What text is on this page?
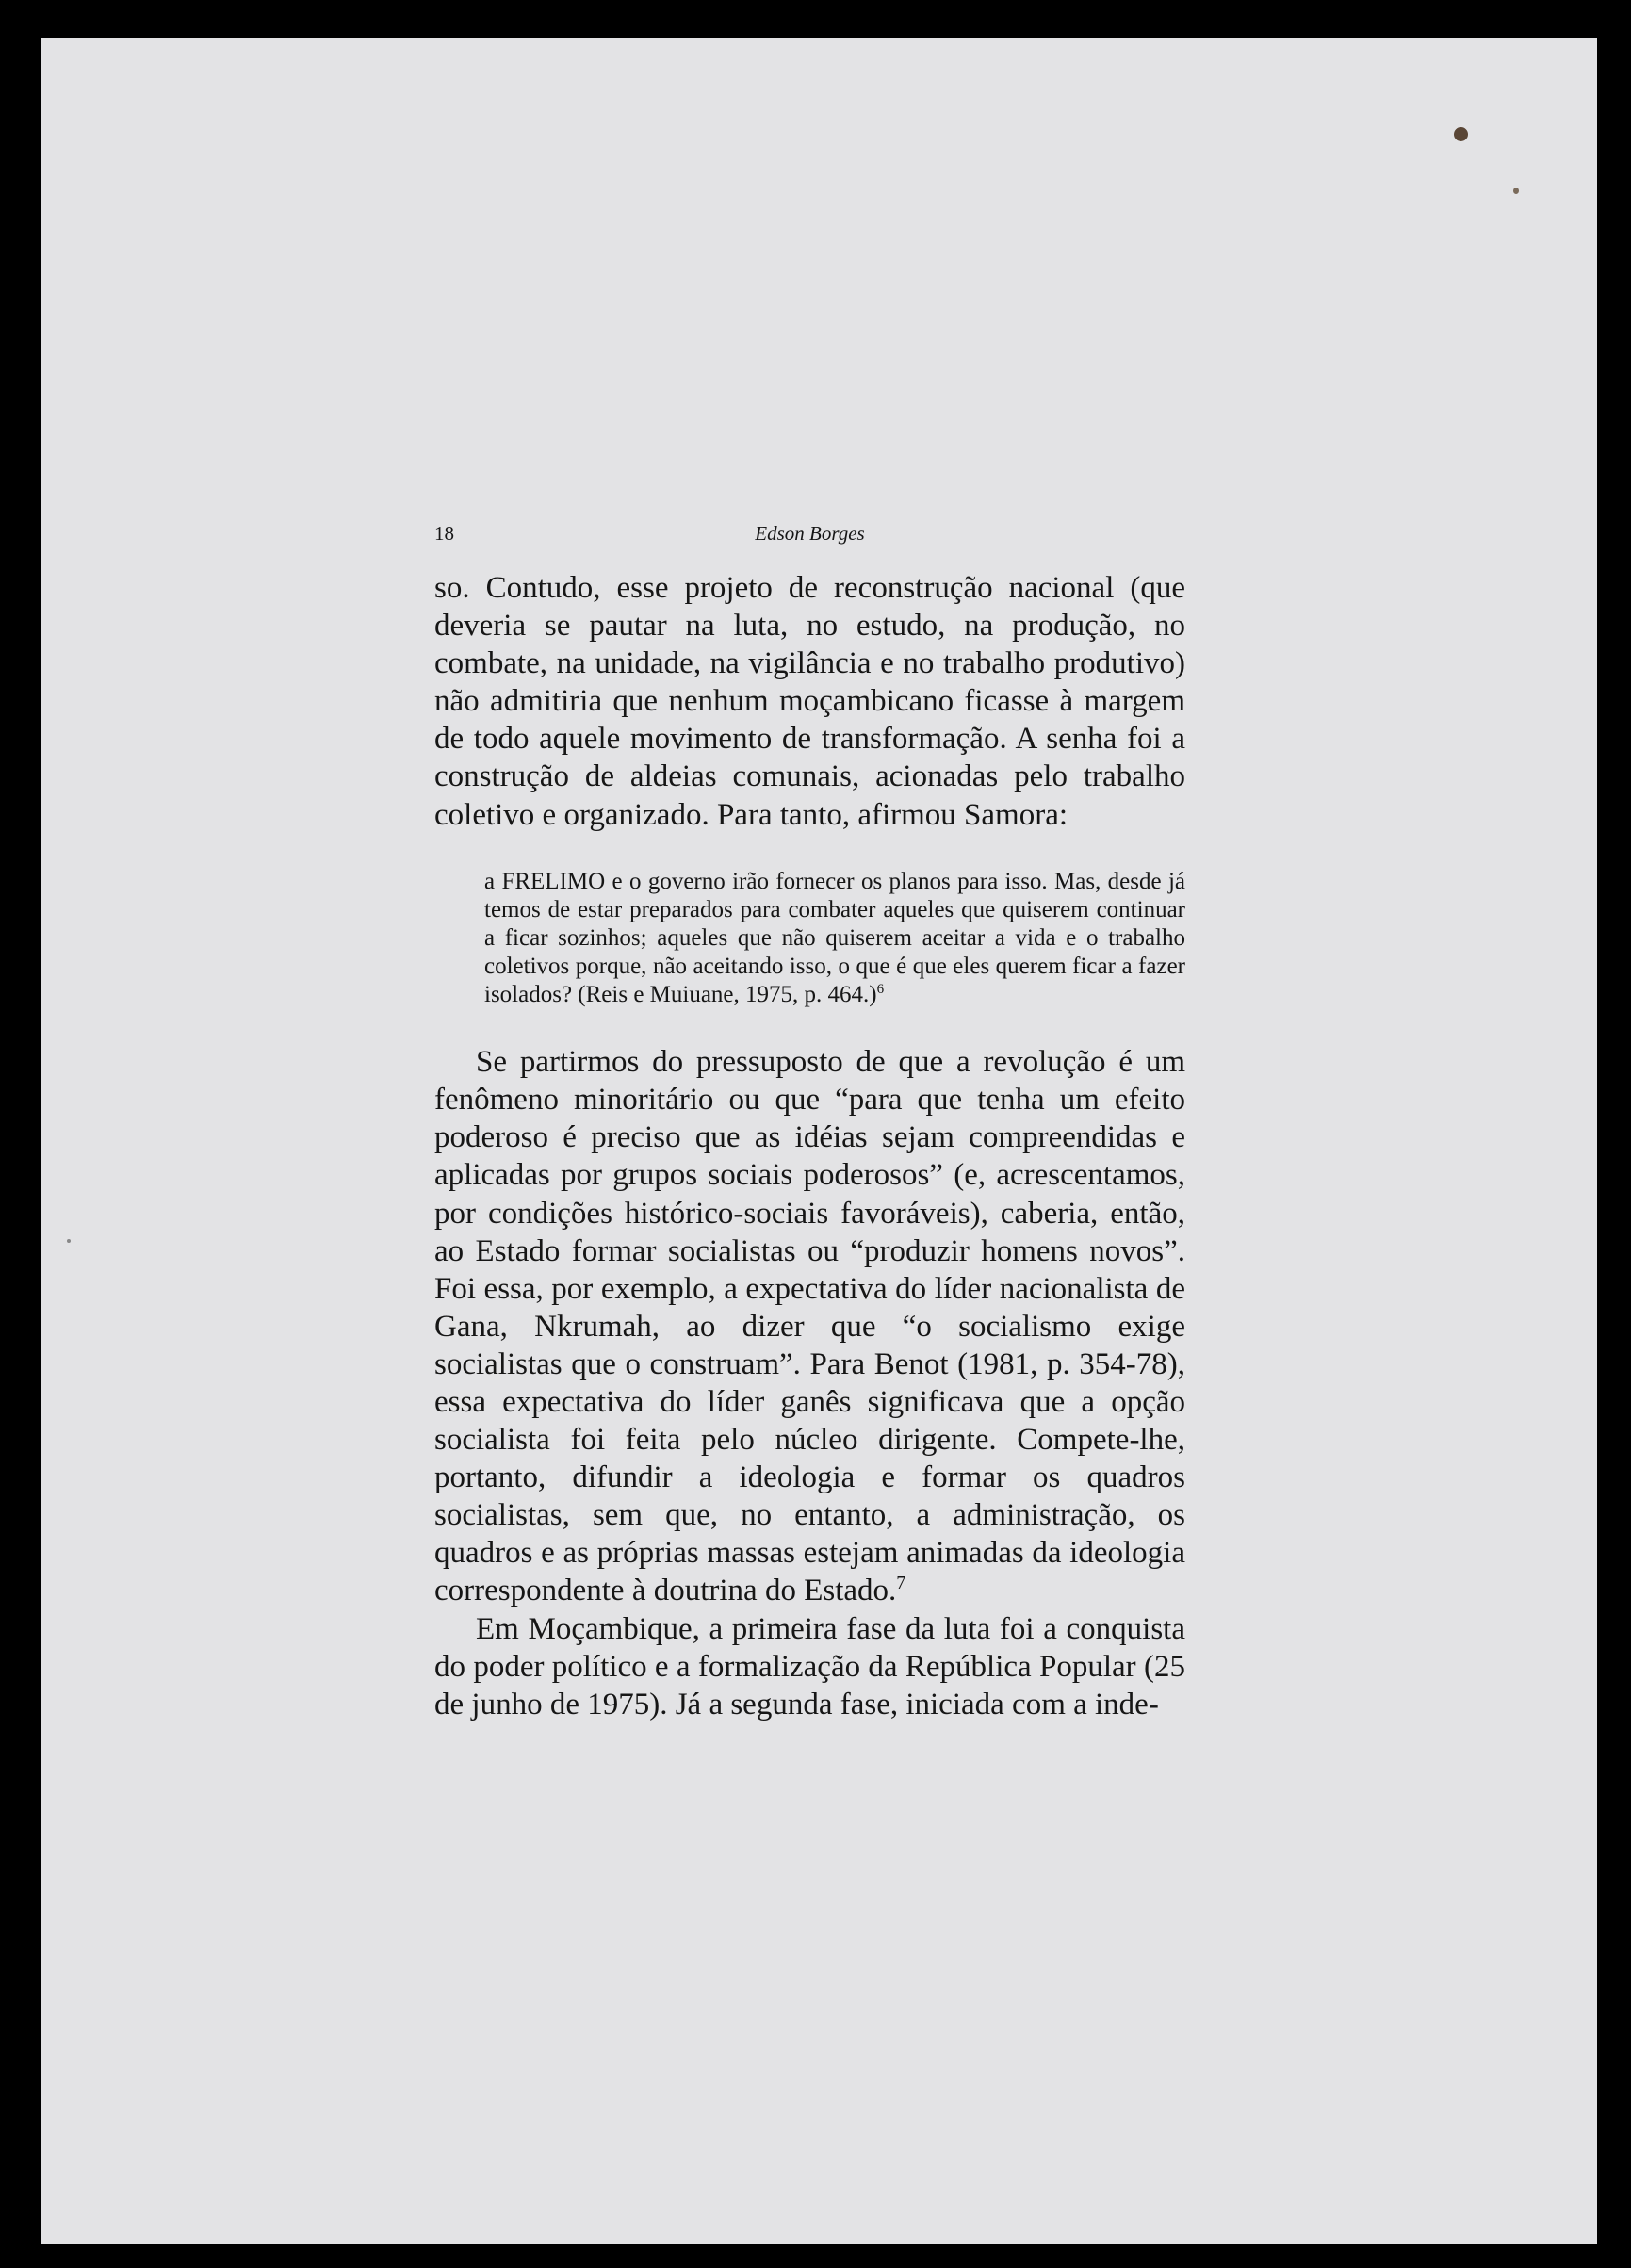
18	Edson Borges

so. Contudo, esse projeto de reconstrução nacional (que deveria se pautar na luta, no estudo, na produção, no combate, na unidade, na vigilância e no trabalho produtivo) não admitiria que nenhum moçambicano ficasse à margem de todo aquele movimento de transformação. A senha foi a construção de aldeias comunais, acionadas pelo trabalho coletivo e organizado. Para tanto, afirmou Samora:

a FRELIMO e o governo irão fornecer os planos para isso. Mas, desde já temos de estar preparados para combater aqueles que quiserem continuar a ficar sozinhos; aqueles que não quiserem aceitar a vida e o trabalho coletivos porque, não aceitando isso, o que é que eles querem ficar a fazer isolados? (Reis e Muiuane, 1975, p. 464.)$^6$

Se partirmos do pressuposto de que a revolução é um fenômeno minoritário ou que “para que tenha um efeito poderoso é preciso que as idéias sejam compreendidas e aplicadas por grupos sociais poderosos” (e, acrescentamos, por condições histórico-sociais favoráveis), caberia, então, ao Estado formar socialistas ou “produzir homens novos”. Foi essa, por exemplo, a expectativa do líder nacionalista de Gana, Nkrumah, ao dizer que “o socialismo exige socialistas que o construam”. Para Benot (1981, p. 354-78), essa expectativa do líder ganês significava que a opção socialista foi feita pelo núcleo dirigente. Compete-lhe, portanto, difundir a ideologia e formar os quadros socialistas, sem que, no entanto, a administração, os quadros e as próprias massas estejam animadas da ideologia correspondente à doutrina do Estado.$^7$

Em Moçambique, a primeira fase da luta foi a conquista do poder político e a formalização da República Popular (25 de junho de 1975). Já a segunda fase, iniciada com a inde-
